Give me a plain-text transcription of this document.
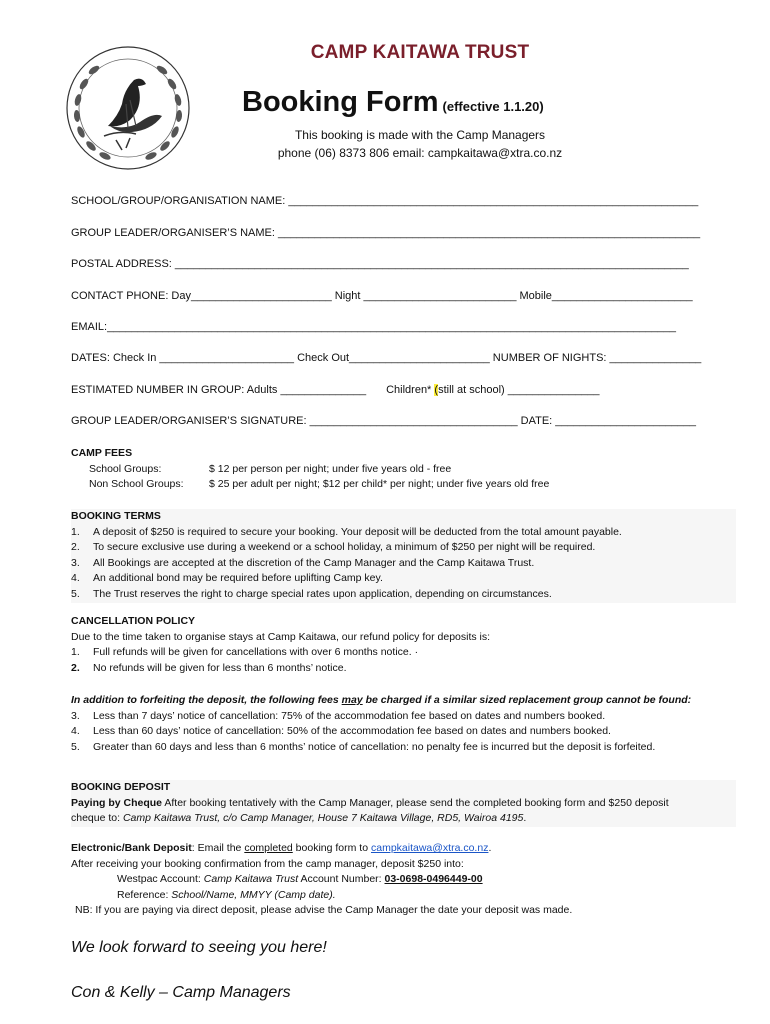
CAMP KAITAWA TRUST
Booking Form (effective 1.1.20)
This booking is made with the Camp Managers
phone (06) 8373 806 email: campkaitawa@xtra.co.nz
SCHOOL/GROUP/ORGANISATION NAME: ___________________________________________________________________
GROUP LEADER/ORGANISER’S NAME: _____________________________________________________________________
POSTAL ADDRESS: ____________________________________________________________________________________
CONTACT PHONE: Day_______________________ Night _________________________ Mobile_______________________
EMAIL:_____________________________________________________________________________________________
DATES: Check In ______________________ Check Out_______________________ NUMBER OF NIGHTS: _______________
ESTIMATED NUMBER IN GROUP: Adults ______________ Children* (still at school) _______________
GROUP LEADER/ORGANISER’S SIGNATURE: __________________________________ DATE: _______________________
CAMP FEES
School Groups:	$ 12 per person per night; under five years old - free
Non School Groups: $ 25 per adult per night; $12 per child* per night; under five years old free
BOOKING TERMS
1.	A deposit of $250 is required to secure your booking. Your deposit will be deducted from the total amount payable.
2.	To secure exclusive use during a weekend or a school holiday, a minimum of $250 per night will be required.
3.	All Bookings are accepted at the discretion of the Camp Manager and the Camp Kaitawa Trust.
4.	An additional bond may be required before uplifting Camp key.
5.	The Trust reserves the right to charge special rates upon application, depending on circumstances.
CANCELLATION POLICY
Due to the time taken to organise stays at Camp Kaitawa, our refund policy for deposits is:
1.	Full refunds will be given for cancellations with over 6 months notice. ·
2.	No refunds will be given for less than 6 months’ notice.
In addition to forfeiting the deposit, the following fees may be charged if a similar sized replacement group cannot be found:
3.	Less than 7 days’ notice of cancellation: 75% of the accommodation fee based on dates and numbers booked.
4.	Less than 60 days’ notice of cancellation: 50% of the accommodation fee based on dates and numbers booked.
5.	Greater than 60 days and less than 6 months’ notice of cancellation: no penalty fee is incurred but the deposit is forfeited.
BOOKING DEPOSIT
Paying by Cheque After booking tentatively with the Camp Manager, please send the completed booking form and $250 deposit
cheque to: Camp Kaitawa Trust, c/o Camp Manager, House 7 Kaitawa Village, RD5, Wairoa 4195.
Electronic/Bank Deposit: Email the completed booking form to campkaitawa@xtra.co.nz.
After receiving your booking confirmation from the camp manager, deposit $250 into:
Westpac Account: Camp Kaitawa Trust Account Number: 03-0698-0496449-00
Reference: School/Name, MMYY (Camp date).
NB: If you are paying via direct deposit, please advise the Camp Manager the date your deposit was made.
We look forward to seeing you here!
Con & Kelly – Camp Managers
